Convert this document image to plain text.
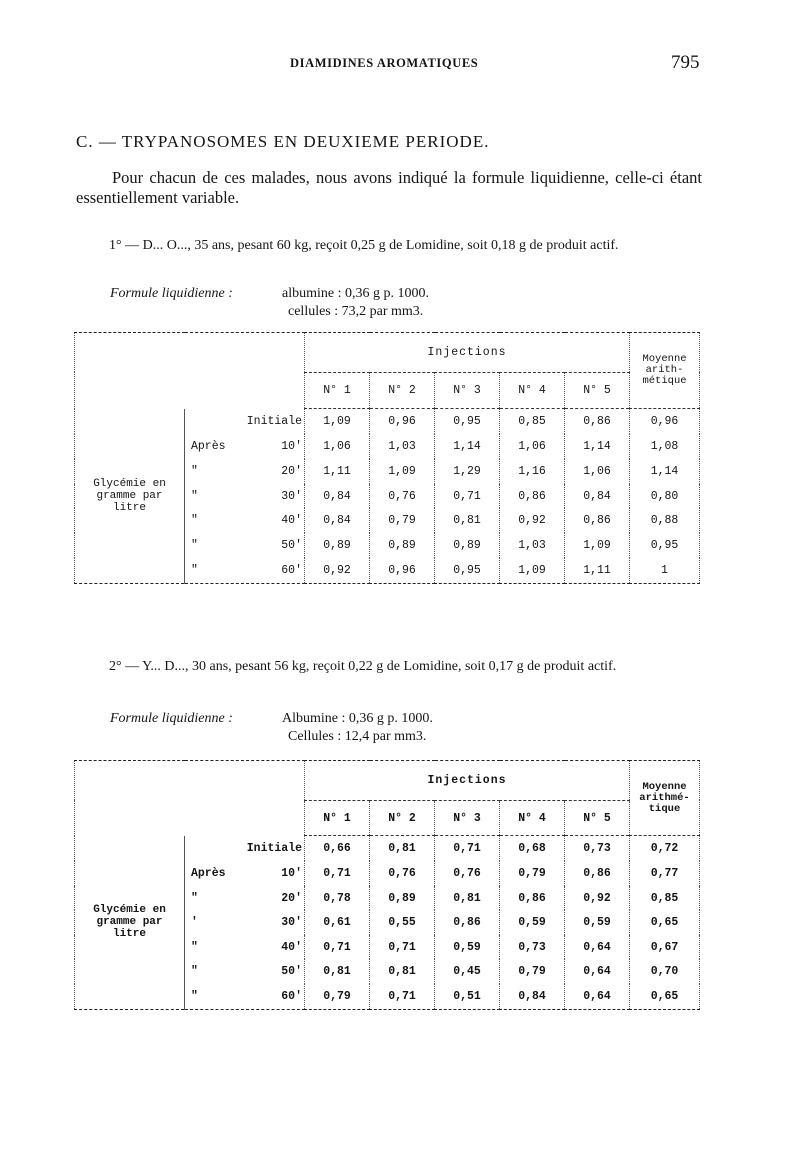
DIAMIDINES AROMATIQUES	795
C. — TRYPANOSOMES EN DEUXIEME PERIODE.

Pour chacun de ces malades, nous avons indiqué la formule liquidienne, celle-ci étant essentiellement variable.

1° — D... O..., 35 ans, pesant 60 kg, reçoit 0,25 g de Lomidine, soit 0,18 g de produit actif.

Formule liquidienne :	albumine : 0,36 g p. 1000.
cellules : 73,2 par mm3.
		Injections					Moyenne arith-métique
		N° 1	N° 2	N° 3	N° 4	N° 5	
Glycémie en gramme par litre	Initiale	1,09	0,96	0,95	0,85	0,86	0,96

	Après 10'	1,06	1,03	1,14	1,06	1,14	1,08

	" 20'	1,11	1,09	1,29	1,16	1,06	1,14

	" 30'	0,84	0,76	0,71	0,86	0,84	0,80

	" 40'	0,84	0,79	0,81	0,92	0,86	0,88

	" 50'	0,89	0,89	0,89	1,03	1,09	0,95

	" 60'	0,92	0,96	0,95	1,09	1,11	1

2° — Y... D..., 30 ans, pesant 56 kg, reçoit 0,22 g de Lomidine, soit 0,17 g de produit actif.

Formule liquidienne :	Albumine : 0,36 g p. 1000.
Cellules : 12,4 par mm3.
		Injections					Moyenne arithmé-tique
		N° 1	N° 2	N° 3	N° 4	N° 5	
Glycémie en gramme par litre	Initiale	0,66	0,81	0,71	0,68	0,73	0,72

	Après 10'	0,71	0,76	0,76	0,79	0,86	0,77

	" 20'	0,78	0,89	0,81	0,86	0,92	0,85

	' 30'	0,61	0,55	0,86	0,59	0,59	0,65

	" 40'	0,71	0,71	0,59	0,73	0,64	0,67

	" 50'	0,81	0,81	0,45	0,79	0,64	0,70

	" 60'	0,79	0,71	0,51	0,84	0,64	0,65
